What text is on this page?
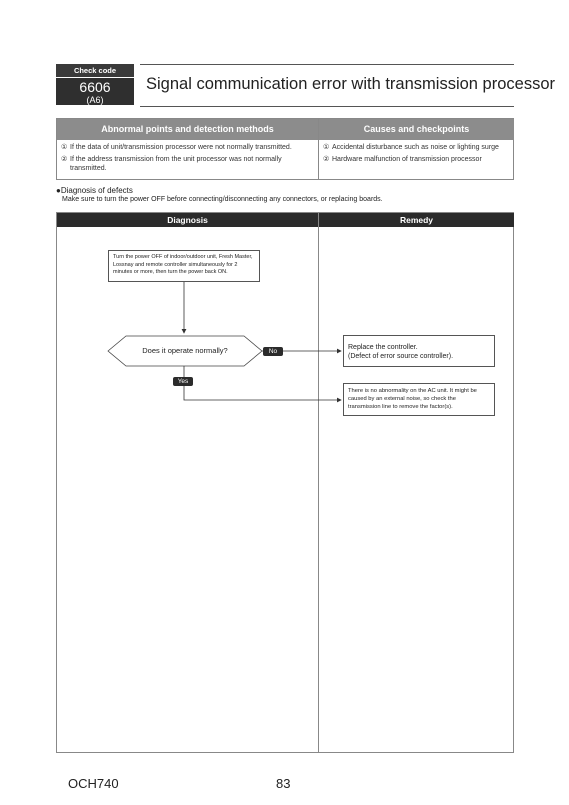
Check code
6606
(A6)
Signal communication error with transmission processor
Abnormal points and detection methods	Causes and checkpoints
① If the data of unit/transmission processor were not normally transmitted.
② If the address transmission from the unit processor was not normally transmitted.
① Accidental disturbance such as noise or lighting surge
② Hardware malfunction of transmission processor
●Diagnosis of defects
Make sure to turn the power OFF before connecting/disconnecting any connectors, or replacing boards.
Diagnosis	Remedy
Turn the power OFF of indoor/outdoor unit, Fresh Master, Lossnay and remote controller simultaneously for 2 minutes or more, then turn the power back ON.
Does it operate normally?	No
Yes
Replace the controller.
(Defect of error source controller).
There is no abnormality on the AC unit. It might be caused by an external noise, so check the transmission line to remove the factor(s).
OCH740	83
